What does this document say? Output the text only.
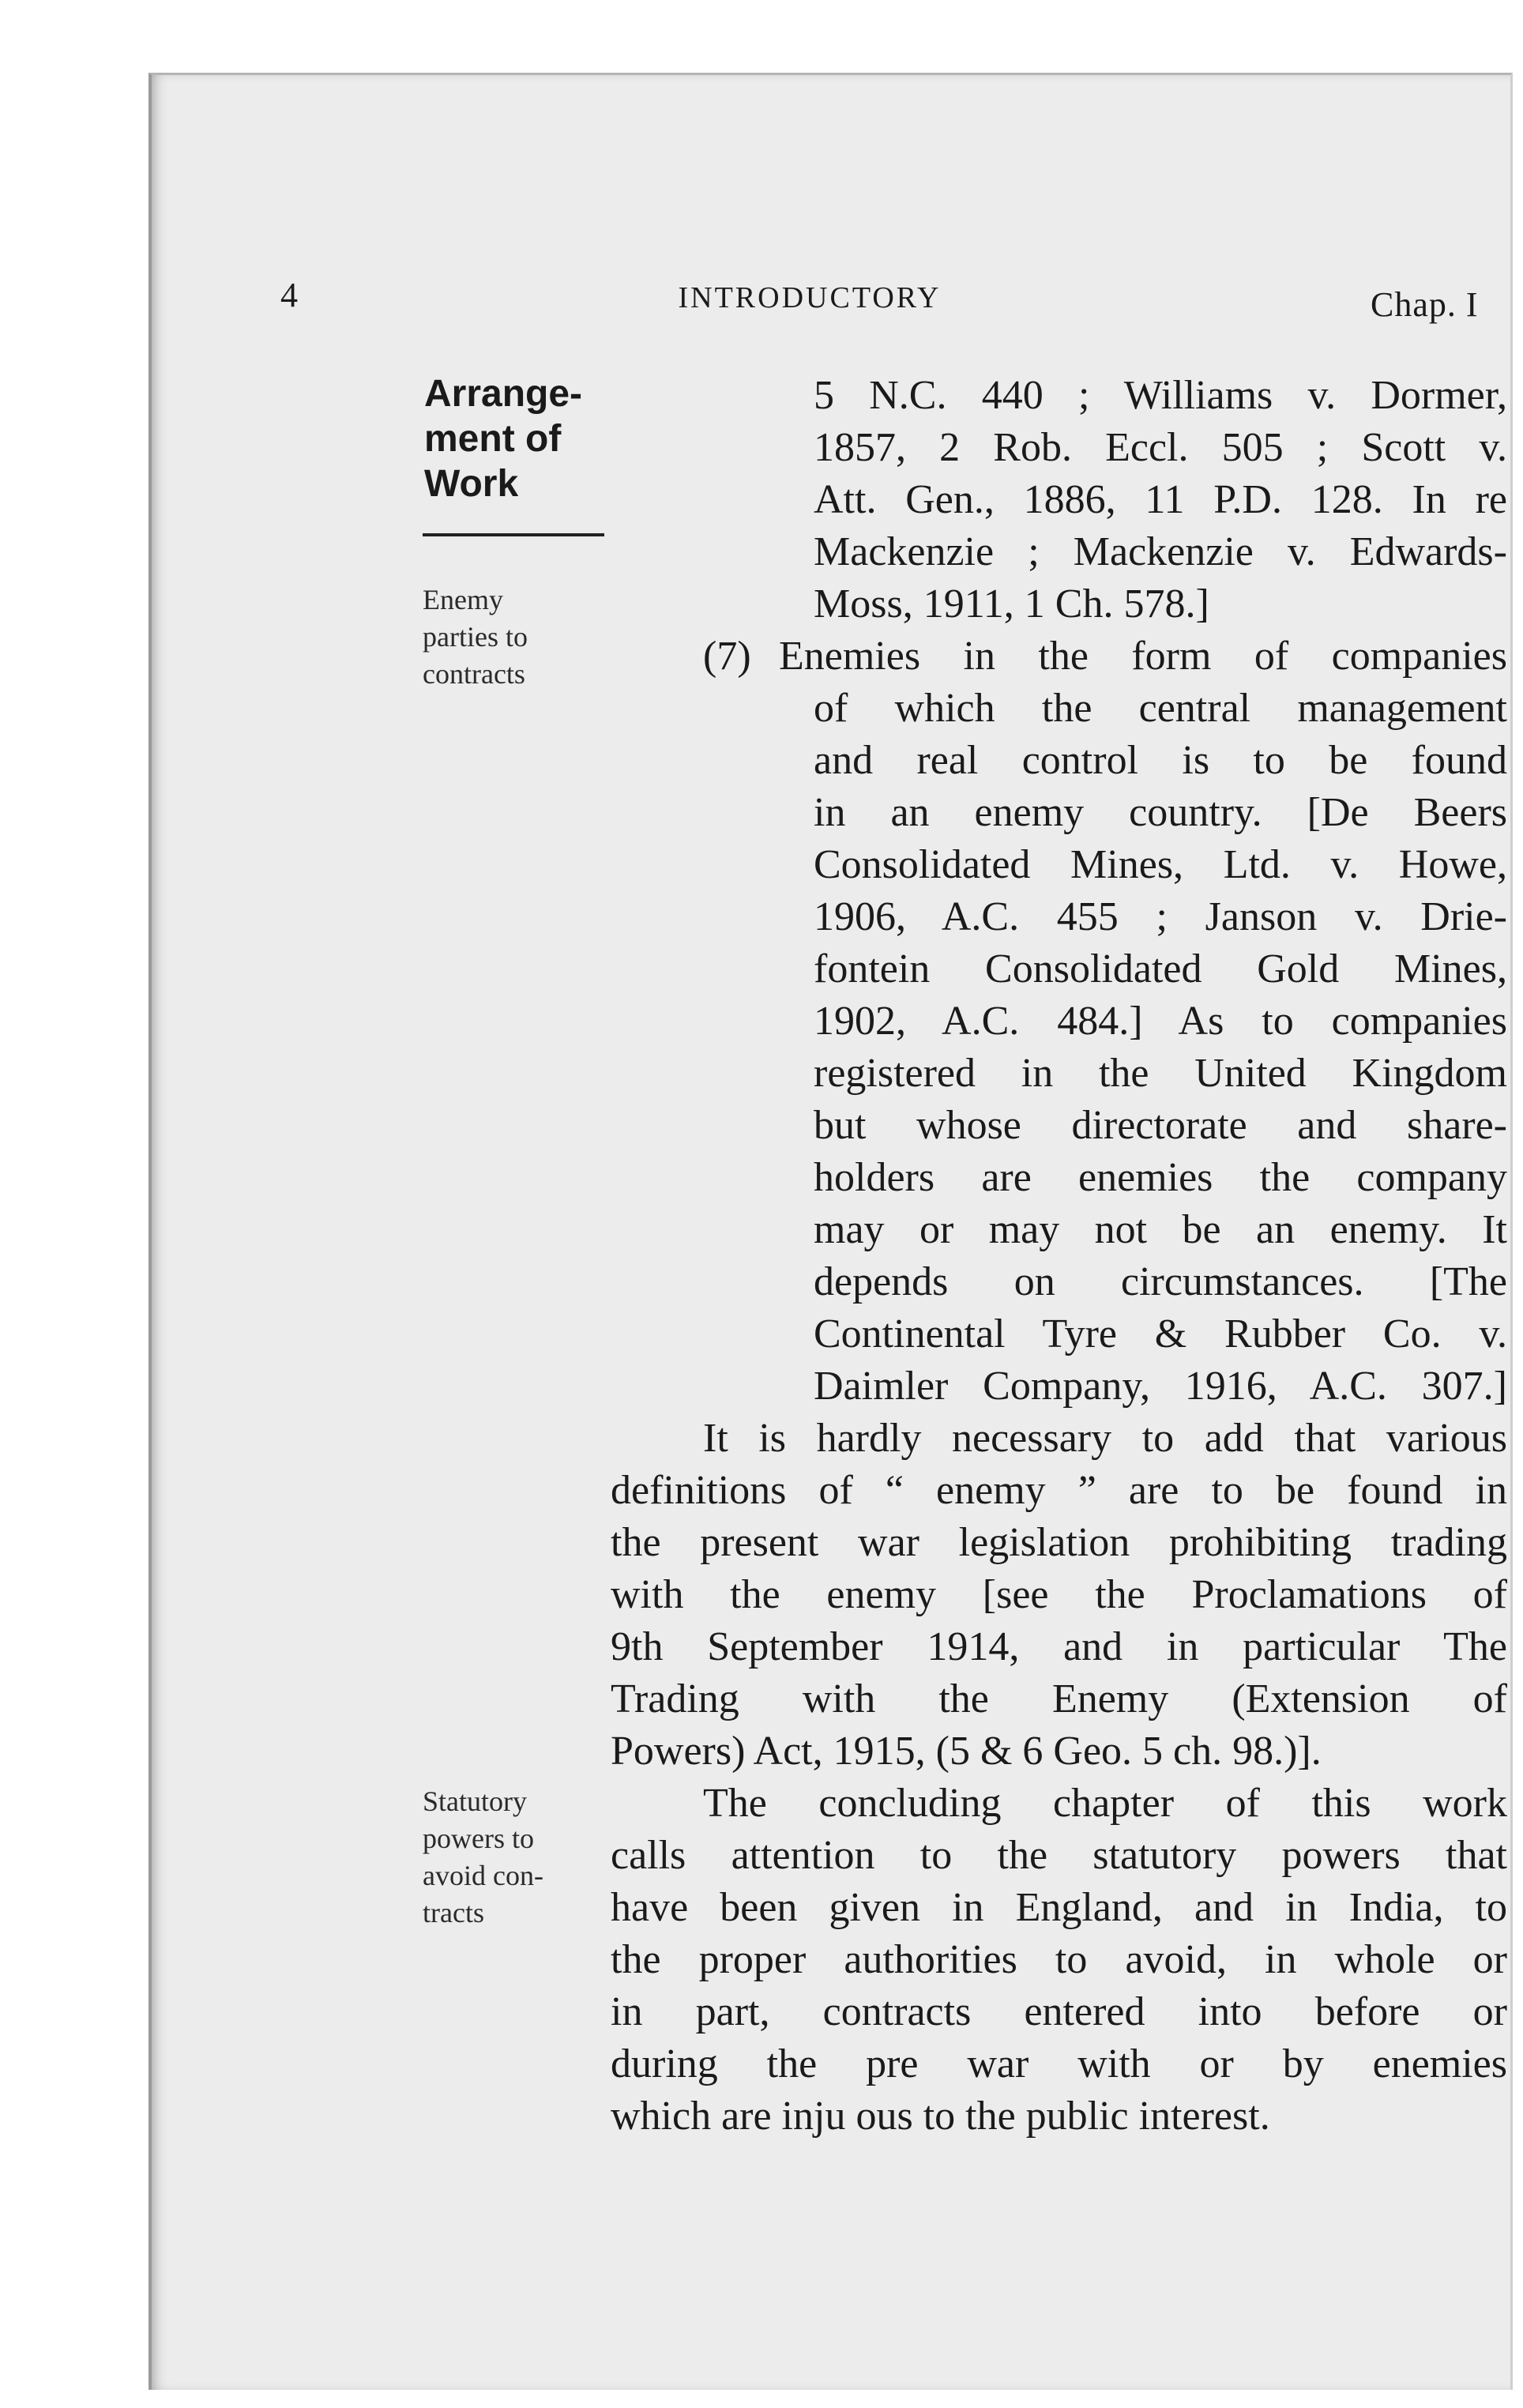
4	INTRODUCTORY	Chap. I
Arrange-ment of Work
Enemy parties to contracts
Statutory powers to avoid con-tracts
5 N.C. 440 ; Williams v. Dormer,
1857, 2 Rob. Eccl. 505 ; Scott v.
Att. Gen., 1886, 11 P.D. 128. In re
Mackenzie ; Mackenzie v. Edwards-
Moss, 1911, 1 Ch. 578.]
(7) Enemies in the form of companies
of which the central management
and real control is to be found
in an enemy country. [De Beers
Consolidated Mines, Ltd. v. Howe,
1906, A.C. 455 ; Janson v. Drie-
fontein Consolidated Gold Mines,
1902, A.C. 484.] As to companies
registered in the United Kingdom
but whose directorate and share-
holders are enemies the company
may or may not be an enemy. It
depends on circumstances. [The
Continental Tyre & Rubber Co. v.
Daimler Company, 1916, A.C. 307.]
It is hardly necessary to add that various
definitions of “ enemy ” are to be found in
the present war legislation prohibiting trading
with the enemy [see the Proclamations of
9th September 1914, and in particular The
Trading with the Enemy (Extension of
Powers) Act, 1915, (5 & 6 Geo. 5 ch. 98.)].
The concluding chapter of this work
calls attention to the statutory powers that
have been given in England, and in India, to
the proper authorities to avoid, in whole or
in part, contracts entered into before or
during the pre war with or by enemies
which are inju ous to the public interest.
